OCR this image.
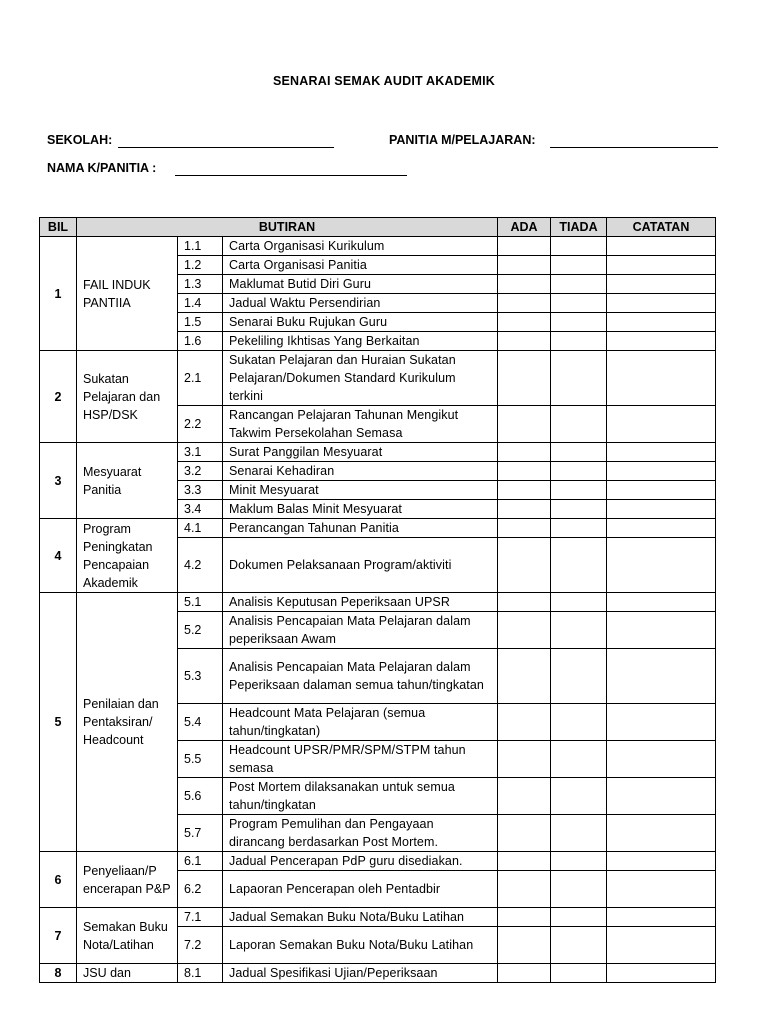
SENARAI SEMAK AUDIT AKADEMIK
SEKOLAH:	PANITIA M/PELAJARAN:
NAMA K/PANITIA :
BIL	BUTIRAN			ADA	TIADA	CATATAN
1	FAIL INDUK PANTIIA	1.1	Carta Organisasi Kurikulum			
		1.2	Carta Organisasi Panitia			
		1.3	Maklumat Butid Diri Guru			
		1.4	Jadual Waktu Persendirian			
		1.5	Senarai Buku Rujukan Guru			
		1.6	Pekeliling Ikhtisas Yang Berkaitan			
2	Sukatan Pelajaran dan HSP/DSK	2.1	Sukatan Pelajaran dan Huraian Sukatan Pelajaran/Dokumen Standard Kurikulum terkini			
		2.2	Rancangan Pelajaran Tahunan Mengikut Takwim Persekolahan Semasa			
3	Mesyuarat Panitia	3.1	Surat Panggilan Mesyuarat			
		3.2	Senarai Kehadiran			
		3.3	Minit Mesyuarat			
		3.4	Maklum Balas Minit Mesyuarat			
4	Program Peningkatan Pencapaian Akademik	4.1	Perancangan Tahunan Panitia			
		4.2	Dokumen Pelaksanaan Program/aktiviti			
5	Penilaian dan Pentaksiran/ Headcount	5.1	Analisis Keputusan Peperiksaan UPSR			
		5.2	Analisis Pencapaian Mata Pelajaran dalam peperiksaan Awam			
		5.3	Analisis Pencapaian Mata Pelajaran dalam Peperiksaan dalaman semua tahun/tingkatan			
		5.4	Headcount Mata Pelajaran (semua tahun/tingkatan)			
		5.5	Headcount UPSR/PMR/SPM/STPM tahun semasa			
		5.6	Post Mortem dilaksanakan untuk semua tahun/tingkatan			
		5.7	Program Pemulihan dan Pengayaan dirancang berdasarkan Post Mortem.			
6	Penyeliaan/P encerapan P&P	6.1	Jadual Pencerapan PdP guru disediakan.			
		6.2	Lapaoran Pencerapan oleh Pentadbir			
7	Semakan Buku Nota/Latihan	7.1	Jadual Semakan Buku Nota/Buku Latihan			
		7.2	Laporan Semakan Buku Nota/Buku Latihan			
8	JSU dan	8.1	Jadual Spesifikasi Ujian/Peperiksaan			
